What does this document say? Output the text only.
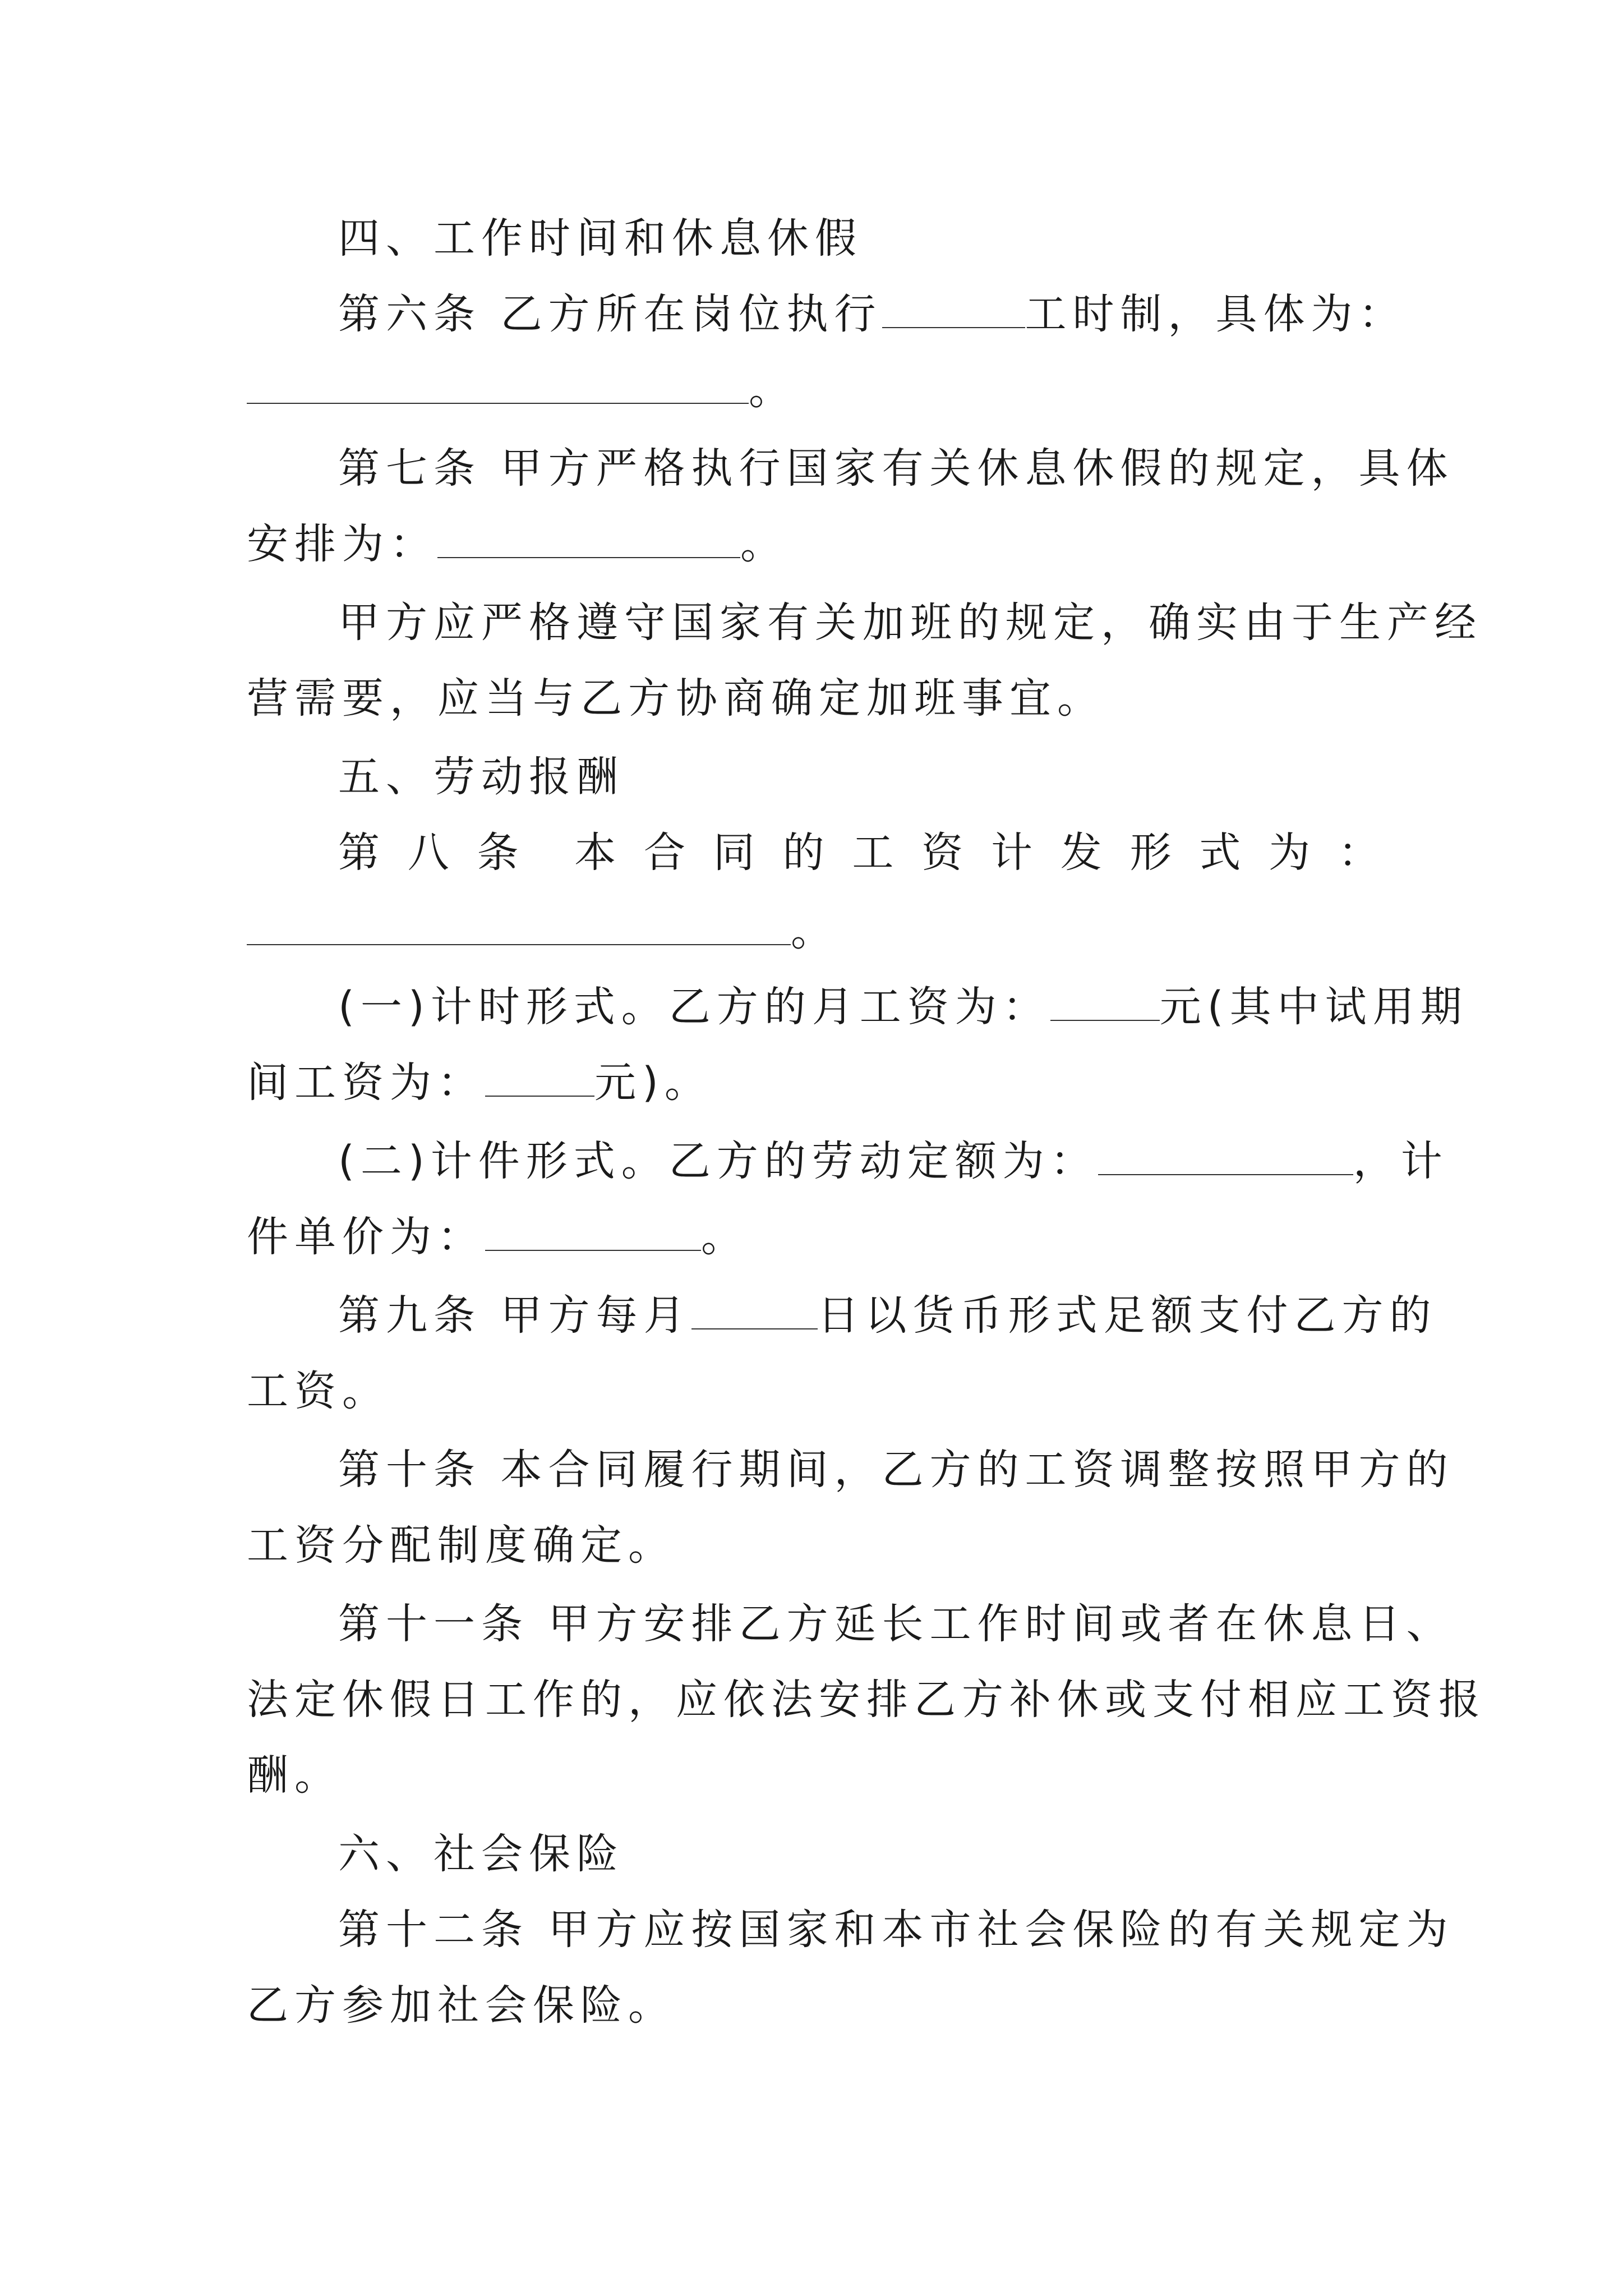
四、工作时间和休息休假
第六条 乙方所在岗位执行	工时制，具体为：
。
第七条 甲方严格执行国家有关休息休假的规定，具体
安排为：	。
甲方应严格遵守国家有关加班的规定，确实由于生产经
营需要，应当与乙方协商确定加班事宜。
五、劳动报酬
第 八 条 本 合 同 的 工 资 计 发 形 式 为 ：
。
(一)计时形式。乙方的月工资为：	元(其中试用期
间工资为：	元)。
(二)计件形式。乙方的劳动定额为：	，计
件单价为：	。
第九条 甲方每月	日以货币形式足额支付乙方的
工资。
第十条 本合同履行期间，乙方的工资调整按照甲方的
工资分配制度确定。
第十一条 甲方安排乙方延长工作时间或者在休息日、
法定休假日工作的，应依法安排乙方补休或支付相应工资报
酬。
六、社会保险
第十二条 甲方应按国家和本市社会保险的有关规定为
乙方参加社会保险。
